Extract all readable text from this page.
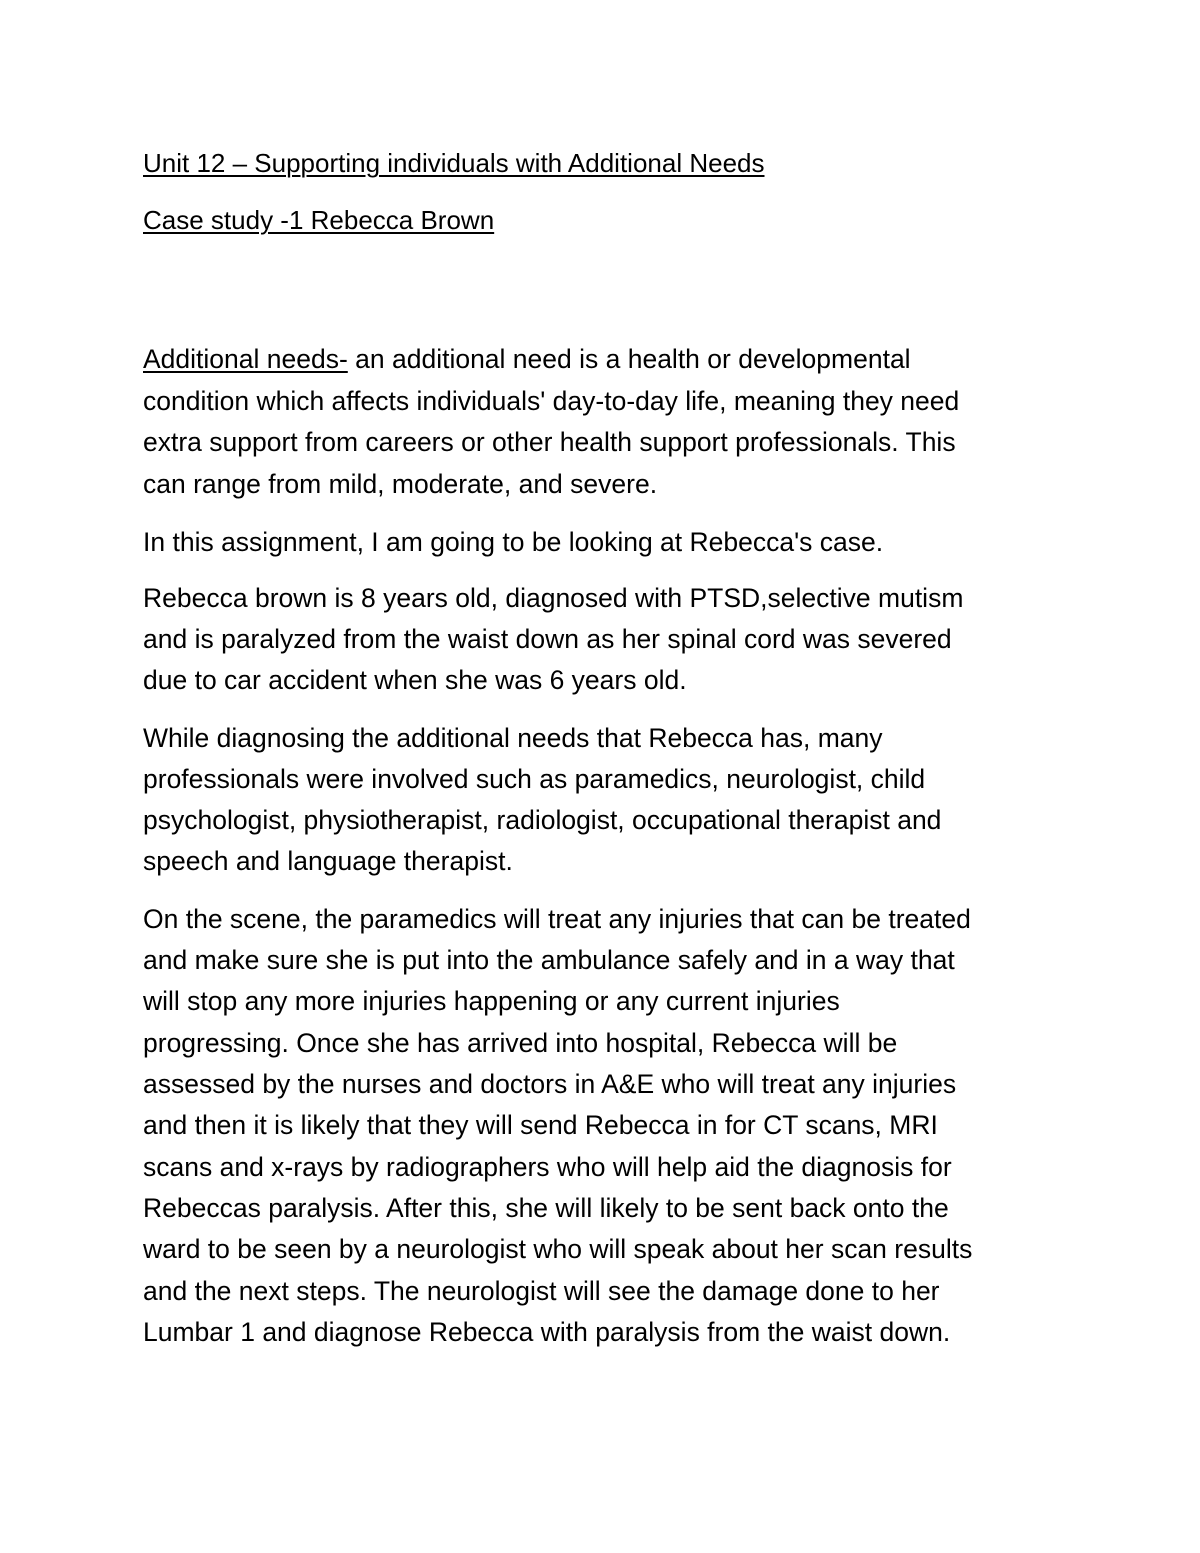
Unit 12 – Supporting individuals with Additional Needs

Case study -1 Rebecca Brown

Additional needs- an additional need is a health or developmental

condition which affects individuals' day-to-day life, meaning they need

extra support from careers or other health support professionals. This

can range from mild, moderate, and severe.

In this assignment, I am going to be looking at Rebecca's case.

Rebecca brown is 8 years old, diagnosed with PTSD,selective mutism

and is paralyzed from the waist down as her spinal cord was severed

due to car accident when she was 6 years old.

While diagnosing the additional needs that Rebecca has, many

professionals were involved such as paramedics, neurologist, child

psychologist, physiotherapist, radiologist, occupational therapist and

speech and language therapist.

On the scene, the paramedics will treat any injuries that can be treated

and make sure she is put into the ambulance safely and in a way that

will stop any more injuries happening or any current injuries

progressing. Once she has arrived into hospital, Rebecca will be

assessed by the nurses and doctors in A&E who will treat any injuries

and then it is likely that they will send Rebecca in for CT scans, MRI

scans and x-rays by radiographers who will help aid the diagnosis for

Rebeccas paralysis. After this, she will likely to be sent back onto the

ward to be seen by a neurologist who will speak about her scan results

and the next steps. The neurologist will see the damage done to her

Lumbar 1 and diagnose Rebecca with paralysis from the waist down.
